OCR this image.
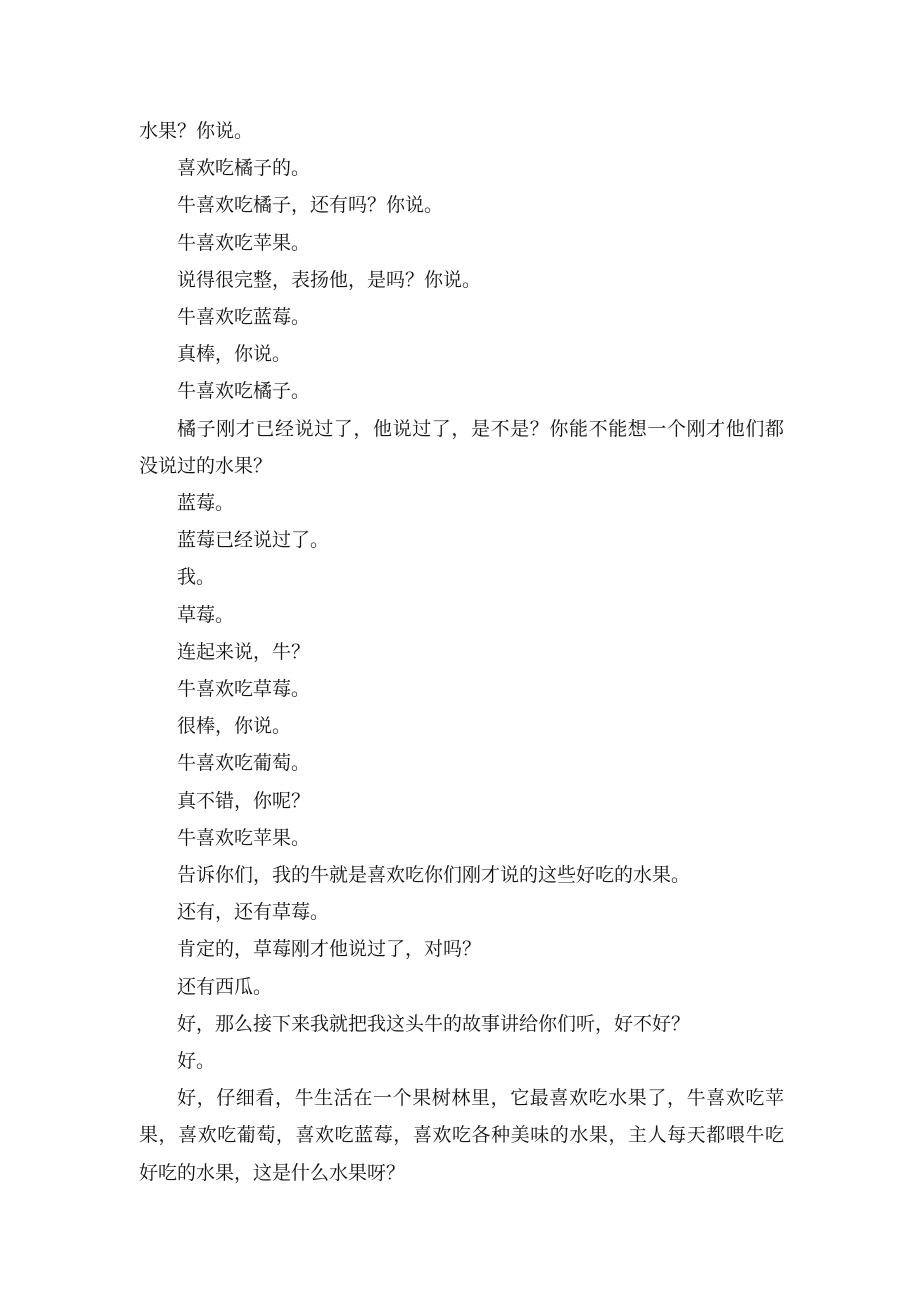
水果？你说。

喜欢吃橘子的。

牛喜欢吃橘子，还有吗？你说。

牛喜欢吃苹果。

说得很完整，表扬他，是吗？你说。

牛喜欢吃蓝莓。

真棒，你说。

牛喜欢吃橘子。

橘子刚才已经说过了，他说过了，是不是？你能不能想一个刚才他们都没说过的水果？

蓝莓。

蓝莓已经说过了。

我。

草莓。

连起来说，牛？

牛喜欢吃草莓。

很棒，你说。

牛喜欢吃葡萄。

真不错，你呢？

牛喜欢吃苹果。

告诉你们，我的牛就是喜欢吃你们刚才说的这些好吃的水果。

还有，还有草莓。

肯定的，草莓刚才他说过了，对吗？

还有西瓜。

好，那么接下来我就把我这头牛的故事讲给你们听，好不好？

好。

好，仔细看，牛生活在一个果树林里，它最喜欢吃水果了，牛喜欢吃苹果，喜欢吃葡萄，喜欢吃蓝莓，喜欢吃各种美味的水果，主人每天都喂牛吃好吃的水果，这是什么水果呀？
